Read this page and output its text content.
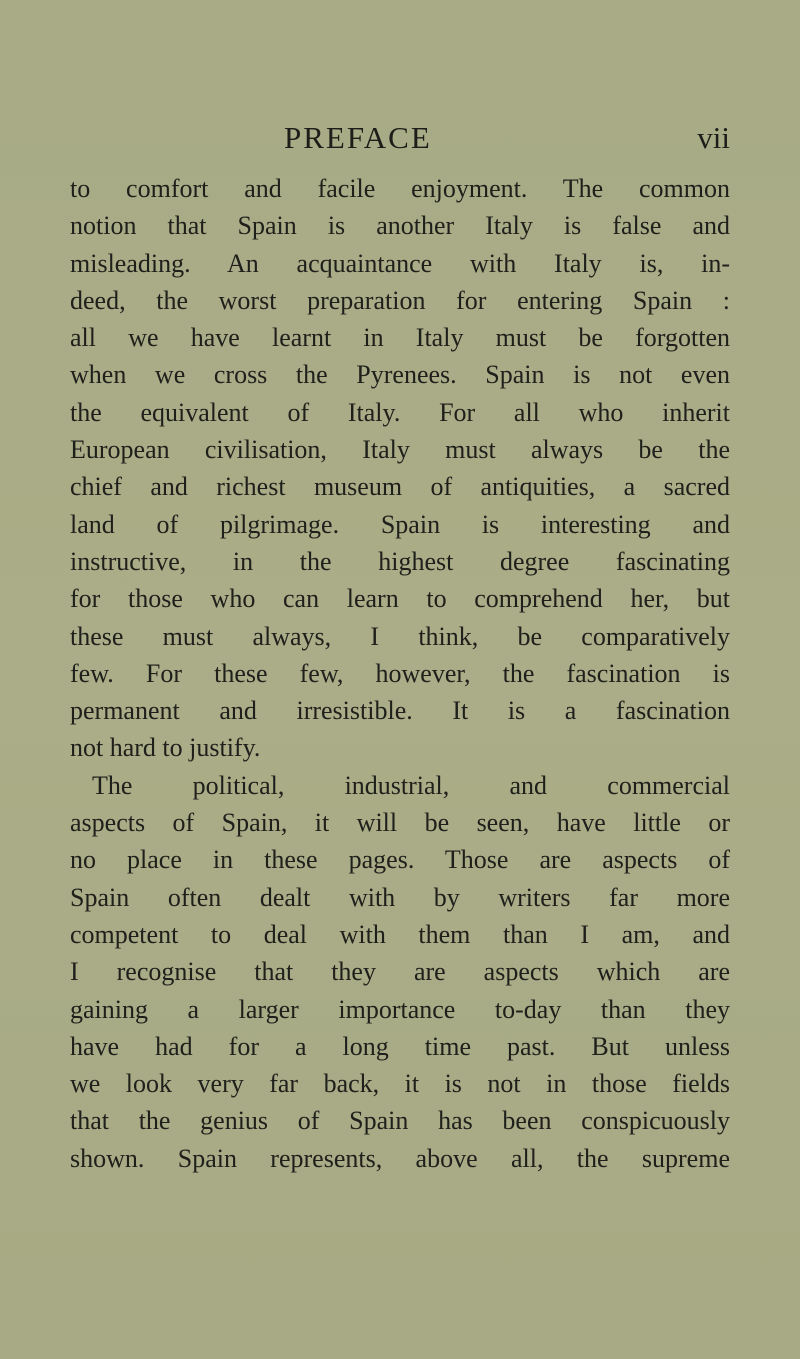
PREFACE	vii
to comfort and facile enjoyment. The common
notion that Spain is another Italy is false and
misleading. An acquaintance with Italy is, in-
deed, the worst preparation for entering Spain :
all we have learnt in Italy must be forgotten
when we cross the Pyrenees. Spain is not even
the equivalent of Italy. For all who inherit
European civilisation, Italy must always be the
chief and richest museum of antiquities, a sacred
land of pilgrimage. Spain is interesting and
instructive, in the highest degree fascinating
for those who can learn to comprehend her, but
these must always, I think, be comparatively
few. For these few, however, the fascination is
permanent and irresistible. It is a fascination
not hard to justify.
The political, industrial, and commercial
aspects of Spain, it will be seen, have little or
no place in these pages. Those are aspects of
Spain often dealt with by writers far more
competent to deal with them than I am, and
I recognise that they are aspects which are
gaining a larger importance to-day than they
have had for a long time past. But unless
we look very far back, it is not in those fields
that the genius of Spain has been conspicuously
shown. Spain represents, above all, the supreme
